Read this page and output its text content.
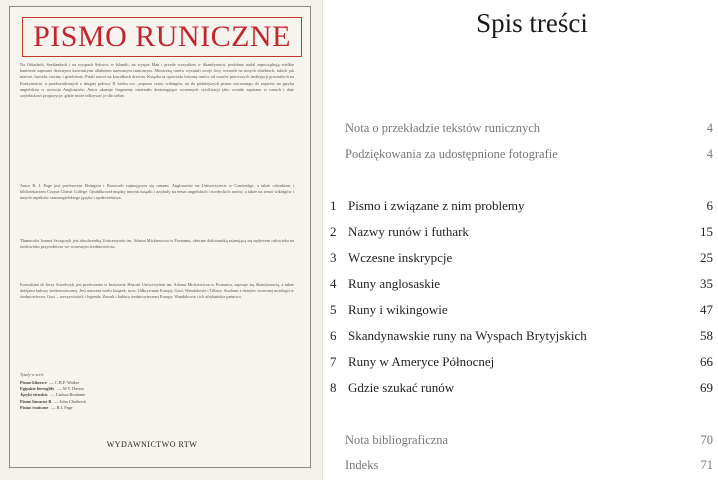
PISMO RUNICZNE
Na Orkadach, Szetlandach i na wyspach Sekwoi, w Islandii, na wyspie Man i przede wszystkim w Skandynawii, podobnie nadal zapoczątkują wielkie kamienie zapisane dziwnymi kanciastymi alfabetem nazwanym runicznym. Mimiczną runów wyrażali swoje losy, trwonili na innych obiektach, takich jak miecze, broszki, trzciny i grzebienie. Pisali nawet na kawałkach drewna. Książka ta opowiada historię runów od czasów pierwszych inskrypcji powstałych na Kontynencie, a przekształcanych z drugiej połowy II wieku n.e., poprzez czasy wikingów, aż do późniejszych pisma używanego do zapisów na języku angielskim w rozwoju Anglosasów. Autor ukazuje fragmenty materiału dostrzegające wczesnych cywilizacji jako zostało zapisane w runach i daje czytelnikowi propozycje, gdzie może odkrywać je dla siebie.
Autor R. I. Page jest profesorem Elsington i Bosworth zajmującym się runami, Anglosasów na Uniwersytecie w Cambridge, a także członkiem i bibliotekarzem Corpus Christi College. Opublikował między innymi książki i artykuły na temat angielskich i nordyckich runów, a także na temat wikingów i innych aspektów staroangielskiego języka i społeczeństwa.
Tłumaczka Joanna Szczęczyk jest absolwentką Uniwersytetu im. Adama Mickiewicza w Poznaniu, obecnie doktorantką zajmującą się wpływem człowieka na środowisko przyrodnicze we wczesnym średniowieczu.
Konsultant dr Jerzy Strzelczyk jest profesorem w Instytucie Historii Uniwersytetu im. Adama Mickiewicza w Poznaniu, zajmuje się Skandynawią, a także dziejami kultury średniowiecznej. Jest autorem wielu książek, m.in. Odkrywanie Europy, Goci, Wandalowie i Tilbery. Studium z dziejów wczesnej mitologii w średniowieczu, Goci – rzeczywistość i legenda, Zmruk i kultura średniowiecznej Europy, Wandalowie i ich afrykańskie państwo.
Tytuły w serii:
Pismo klinowe — C.B.F. Walker
Egipskie hieroglify — W.V. Davies
Języki etruskie — Larissa Bonfante
Pismo linearne B — John Chadwick
Pismo runiczne — R.I. Page
WYDAWNICTWO RTW
Spis treści
Nota o przekładzie tekstów runicznych	4
Podziękowania za udostępnione fotografie	4
1 Pismo i związane z nim problemy	6
2 Nazwy runów i futhark	15
3 Wczesne inskrypcje	25
4 Runy anglosaskie	35
5 Runy i wikingowie	47
6 Skandynawskie runy na Wyspach Brytyjskich	58
7 Runy w Ameryce Północnej	66
8 Gdzie szukać runów	69
Nota bibliograficzna	70
Indeks	71
